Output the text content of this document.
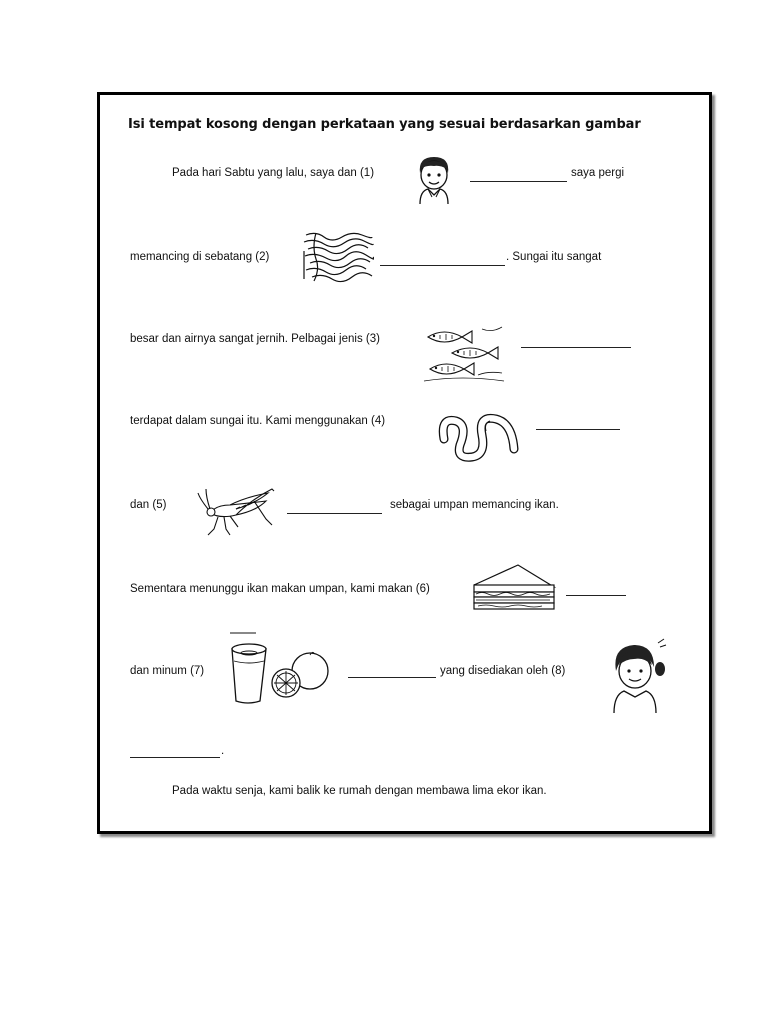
Isi tempat kosong dengan perkataan yang sesuai berdasarkan gambar
Pada hari Sabtu yang lalu, saya dan (1)	saya pergi
memancing di sebatang (2)	. Sungai itu sangat
besar dan airnya sangat jernih. Pelbagai jenis (3)
terdapat dalam sungai itu. Kami menggunakan (4)
dan (5)	sebagai umpan memancing ikan.
Sementara menunggu ikan makan umpan, kami makan (6)
dan minum (7)	yang disediakan oleh (8)
.
Pada waktu senja, kami balik ke rumah dengan membawa lima ekor ikan.
